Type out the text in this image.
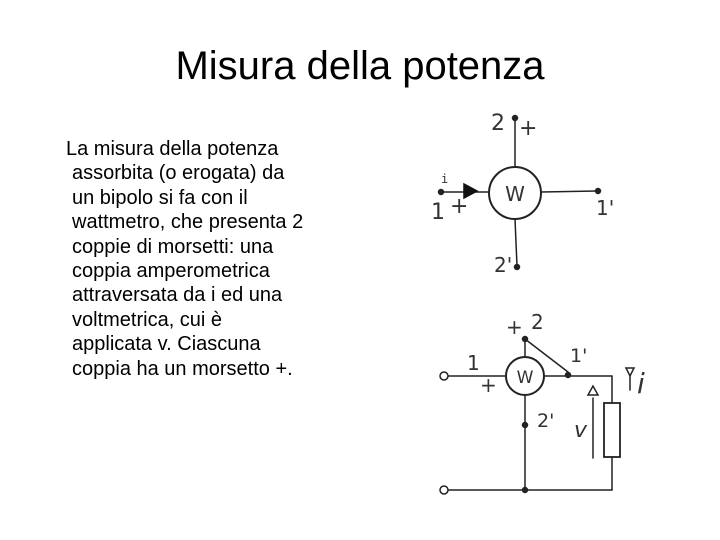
Misura della potenza

La misura della potenza
assorbita (o erogata) da
un bipolo si fa con il
wattmetro, che presenta 2
coppie di morsetti: una
coppia amperometrica
attraversata da i ed una
voltmetrica, cui è
applicata v. Ciascuna
coppia ha un morsetto +.

W
i
1 +	1'
2 +
2'
W
1
+
+ 2
1'
2' v
i
